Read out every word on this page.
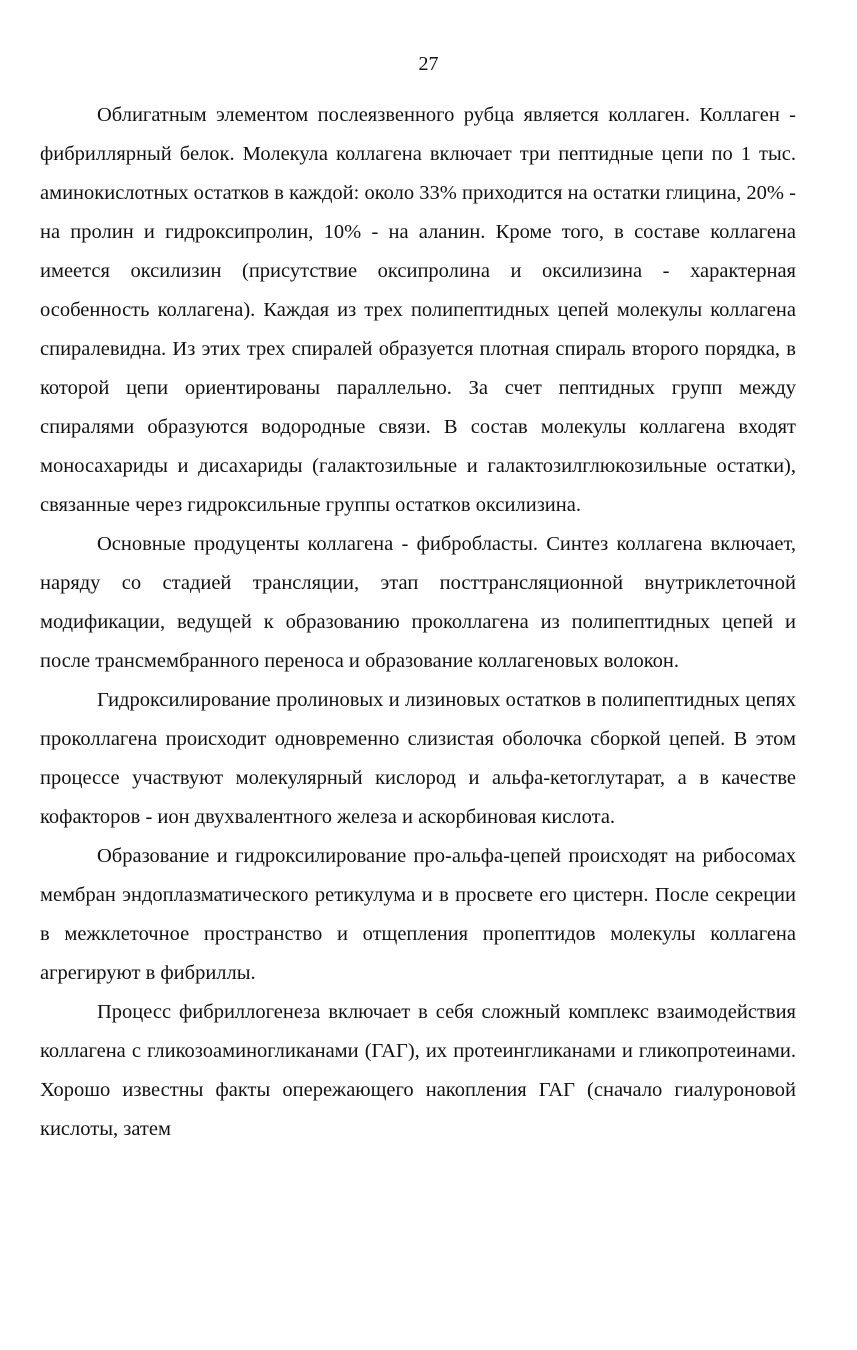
27

Облигатным элементом послеязвенного рубца является коллаген. Коллаген - фибриллярный белок. Молекула коллагена включает три пептидные цепи по 1 тыс. аминокислотных остатков в каждой: около 33% приходится на остатки глицина, 20% - на пролин и гидроксипролин, 10% - на аланин. Кроме того, в составе коллагена имеется оксилизин (присутствие оксипролина и оксилизина - характерная особенность коллагена). Каждая из трех полипептидных цепей молекулы коллагена спиралевидна. Из этих трех спиралей образуется плотная спираль второго порядка, в которой цепи ориентированы параллельно. За счет пептидных групп между спиралями образуются водородные связи. В состав молекулы коллагена входят моносахариды и дисахариды (галактозильные и галактозилглюкозильные остатки), связанные через гидроксильные группы остатков оксилизина.

Основные продуценты коллагена - фибробласты. Синтез коллагена включает, наряду со стадией трансляции, этап посттрансляционной внутриклеточной модификации, ведущей к образованию проколлагена из полипептидных цепей и после трансмембранного переноса и образование коллагеновых волокон.

Гидроксилирование пролиновых и лизиновых остатков в полипептидных цепях проколлагена происходит одновременно слизистая оболочка сборкой цепей. В этом процессе участвуют молекулярный кислород и альфа-кетоглутарат, а в качестве кофакторов - ион двухвалентного железа и аскорбиновая кислота.

Образование и гидроксилирование про-альфа-цепей происходят на рибосомах мембран эндоплазматического ретикулума и в просвете его цистерн. После секреции в межклеточное пространство и отщепления пропептидов молекулы коллагена агрегируют в фибриллы.

Процесс фибриллогенеза включает в себя сложный комплекс взаимодействия коллагена с гликозоаминогликанами (ГАГ), их протеингликанами и гликопротеинами. Хорошо известны факты опережающего накопления ГАГ (сначало гиалуроновой кислоты, затем
